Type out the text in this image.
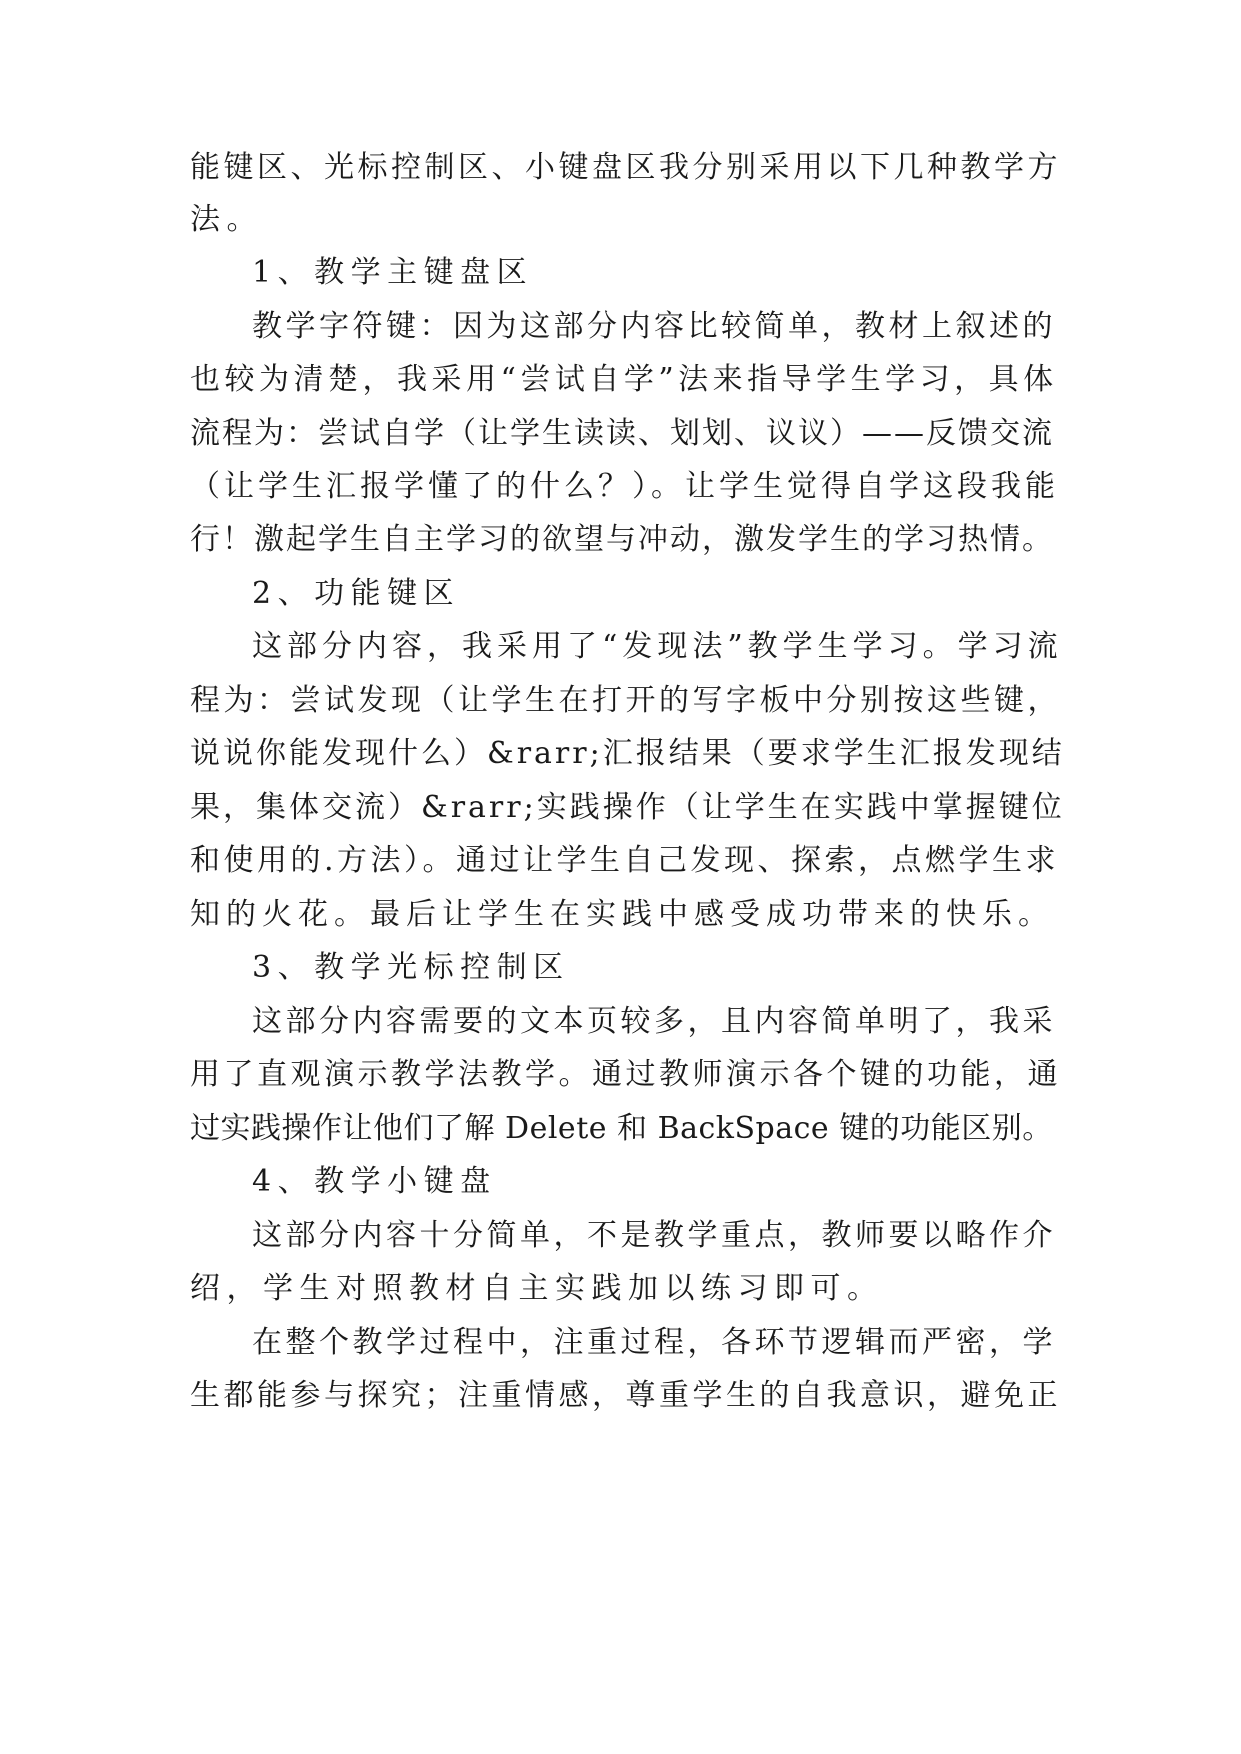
能键区、光标控制区、小键盘区我分别采用以下几种教学方
法。
1、教学主键盘区
教学字符键：因为这部分内容比较简单，教材上叙述的
也较为清楚，我采用“尝试自学”法来指导学生学习，具体
流程为：尝试自学（让学生读读、划划、议议）——反馈交流
（让学生汇报学懂了的什么？）。让学生觉得自学这段我能
行！激起学生自主学习的欲望与冲动，激发学生的学习热情。
2、功能键区
这部分内容，我采用了“发现法”教学生学习。学习流
程为：尝试发现（让学生在打开的写字板中分别按这些键，
说说你能发现什么）&rarr;汇报结果（要求学生汇报发现结
果，集体交流）&rarr;实践操作（让学生在实践中掌握键位
和使用的.方法）。通过让学生自己发现、探索，点燃学生求
知的火花。最后让学生在实践中感受成功带来的快乐。
3、教学光标控制区
这部分内容需要的文本页较多，且内容简单明了，我采
用了直观演示教学法教学。通过教师演示各个键的功能，通
过实践操作让他们了解 Delete 和 BackSpace 键的功能区别。
4、教学小键盘
这部分内容十分简单，不是教学重点，教师要以略作介
绍，学生对照教材自主实践加以练习即可。
在整个教学过程中，注重过程，各环节逻辑而严密，学
生都能参与探究；注重情感，尊重学生的自我意识，避免正
